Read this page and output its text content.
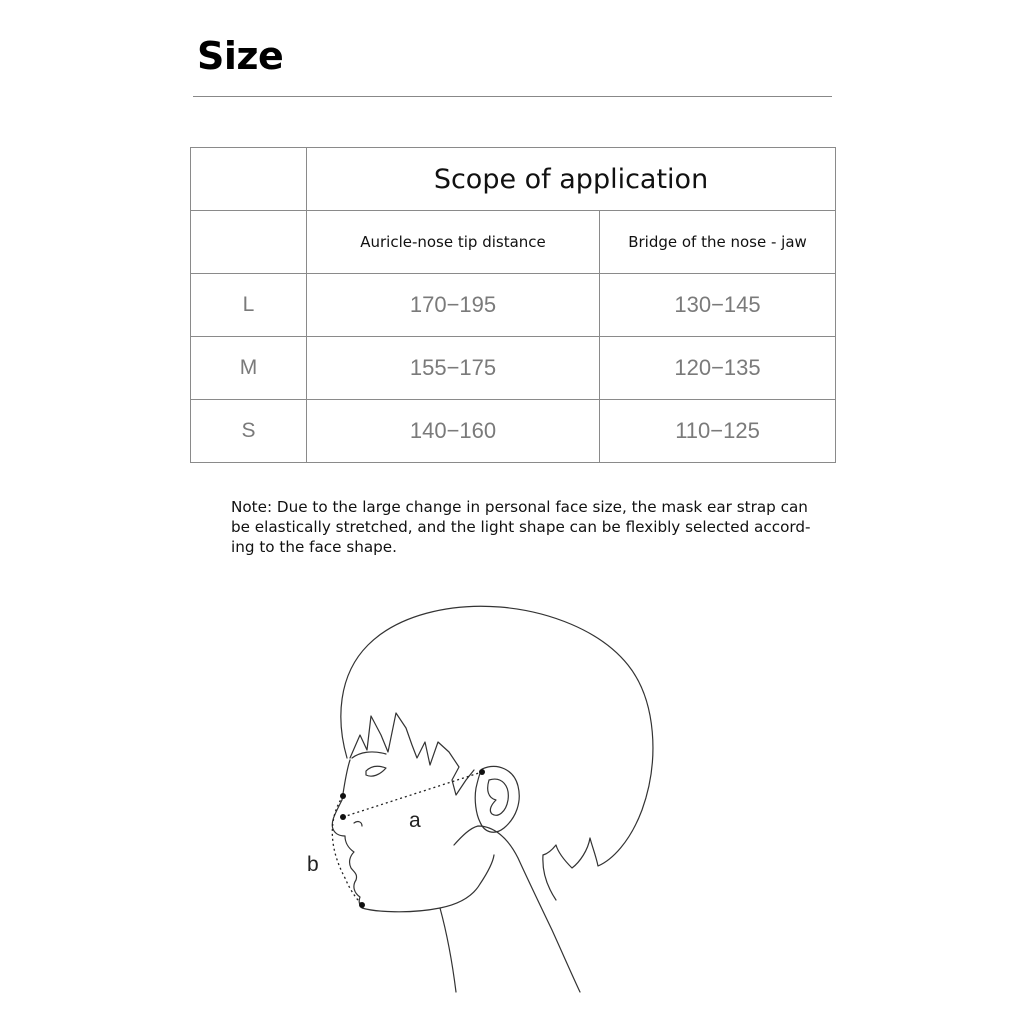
Size
	Scope of application	
	Auricle-nose tip distance	Bridge of the nose - jaw
L	170−195	130−145
M	155−175	120−135
S	140−160	110−125
Note: Due to the large change in personal face size, the mask ear strap can
be elastically stretched, and the light shape can be flexibly selected accord-
ing to the face shape.
a
b
